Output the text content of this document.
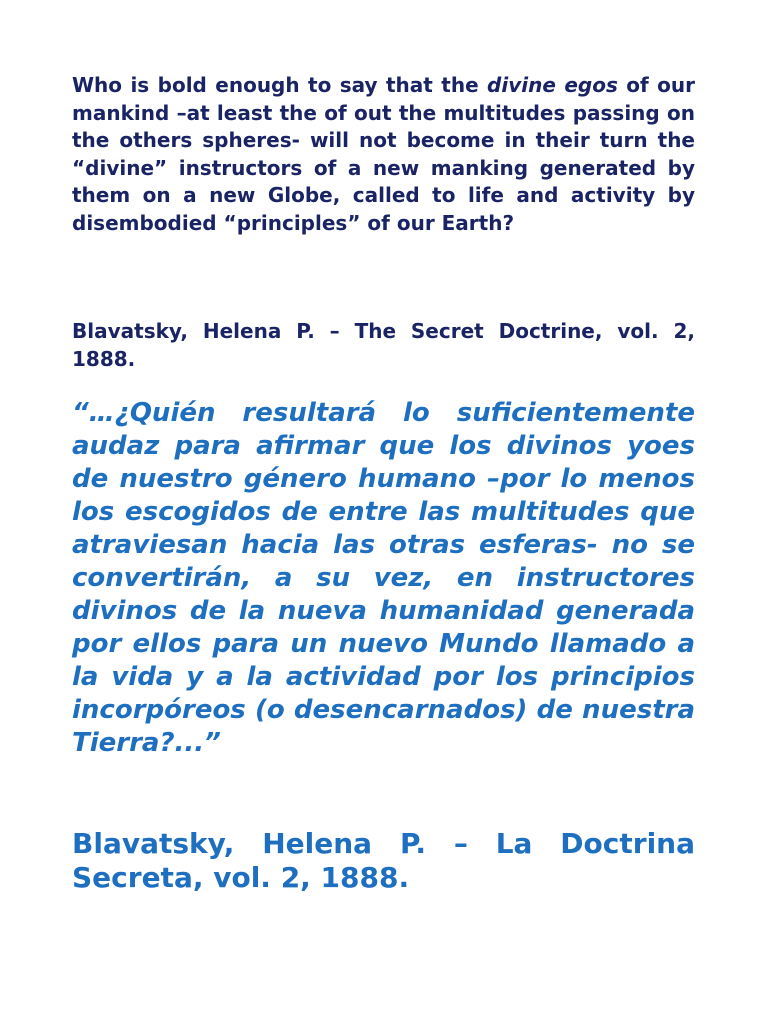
Who is bold enough to say that the divine egos of our mankind –at least the of out the multitudes passing on the others spheres- will not become in their turn the “divine” instructors of a new manking generated by them on a new Globe, called to life and activity by disembodied “principles” of our Earth?

Blavatsky, Helena P. – The Secret Doctrine, vol. 2, 1888.

“…¿Quién resultará lo suficientemente audaz para afirmar que los divinos yoes de nuestro género humano –por lo menos los escogidos de entre las multitudes que atraviesan hacia las otras esferas- no se convertirán, a su vez, en instructores divinos de la nueva humanidad generada por ellos para un nuevo Mundo llamado a la vida y a la actividad por los principios incorpóreos (o desencarnados) de nuestra Tierra?...”

Blavatsky, Helena P. – La Doctrina Secreta, vol. 2, 1888.
